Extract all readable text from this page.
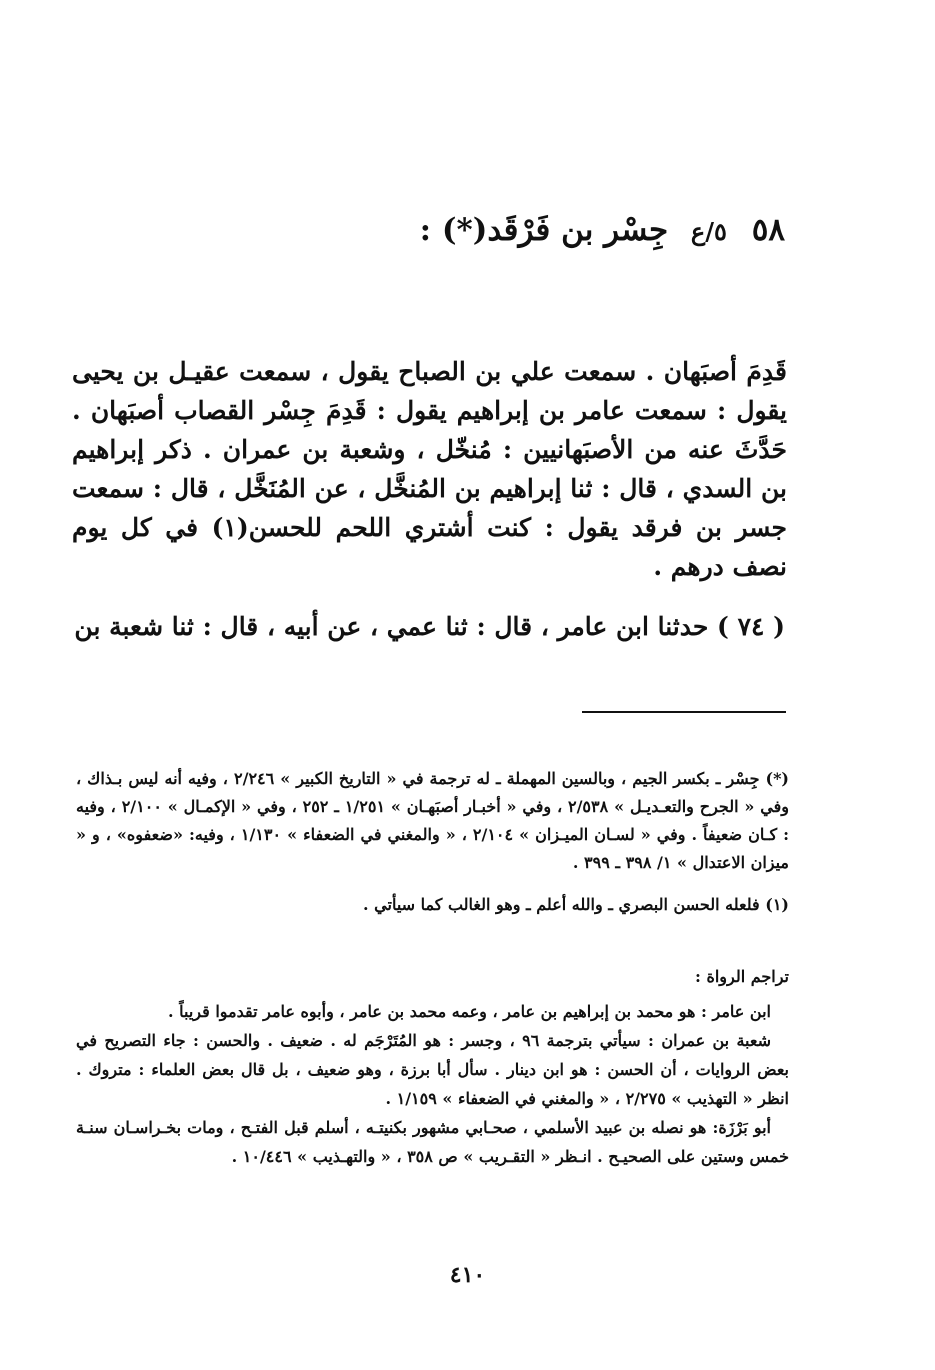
٥٨ ٥/ع جِسْر بن فَرْقَد(*) :
قَدِمَ أصبَهان . سمعت علي بن الصباح يقول ، سمعت عقيـل بن يحيى يقول : سمعت عامر بن إبراهيم يقول : قَدِمَ جِسْر القصاب أصبَهان . حَدَّثَ عنه من الأصبَهانيين : مُنخّل ، وشعبة بن عمران . ذكر إبراهيم بن السدي ، قال : ثنا إبراهيم بن المُنخَّل ، عن المُنَخَّل ، قال : سمعت جسر بن فرقد يقول : كنت أشتري اللحم للحسن(١) في كل يوم نصف درهم .
( ٧٤ ) حدثنا ابن عامر ، قال : ثنا عمي ، عن أبيه ، قال : ثنا شعبة بن

(*) جِسْر ـ بكسر الجيم ، وبالسين المهملة ـ له ترجمة في « التاريخ الكبير » ٢/٢٤٦ ، وفيه أنه ليس بـذاك ، وفي « الجرح والتعـديـل » ٢/٥٣٨ ، وفي « أخبـار أصبَهـان » ١/٢٥١ ـ ٢٥٢ ، وفي « الإكمـال » ٢/١٠٠ ، وفيه : كـان ضعيفاً . وفي « لسـان الميـزان » ٢/١٠٤ ، « والمغني في الضعفاء » ١/١٣٠ ، وفيه: «ضعفوه» ، و « ميزان الاعتدال » ١/ ٣٩٨ ـ ٣٩٩ .

(١) فلعله الحسن البصري ـ والله أعلم ـ وهو الغالب كما سيأتي .

تراجم الرواة :

ابن عامر : هو محمد بن إبراهيم بن عامر ، وعمه محمد بن عامر ، وأبوه عامر تقدموا قريباً .

شعبة بن عمران : سيأتي بترجمة ٩٦ ، وجسر : هو المُتَرْجَم له . ضعيف . والحسن : جاء التصريح في بعض الروايات ، أن الحسن : هو ابن دينار . سأل أبا برزة ، وهو ضعيف ، بل قال بعض العلماء : متروك . انظر « التهذيب » ٢/٢٧٥ ، « والمغني في الضعفاء » ١/١٥٩ .

أبو بَرْزَة: هو نصله بن عبيد الأسلمي ، صحـابي مشهور بكنيتـه ، أسلم قبل الفتـح ، ومات بخـراسـان سنـة خمس وستين على الصحيـح . انـظر « التقـريب » ص ٣٥٨ ، « والتهـذيب » ١٠/٤٤٦ .

٤١٠
